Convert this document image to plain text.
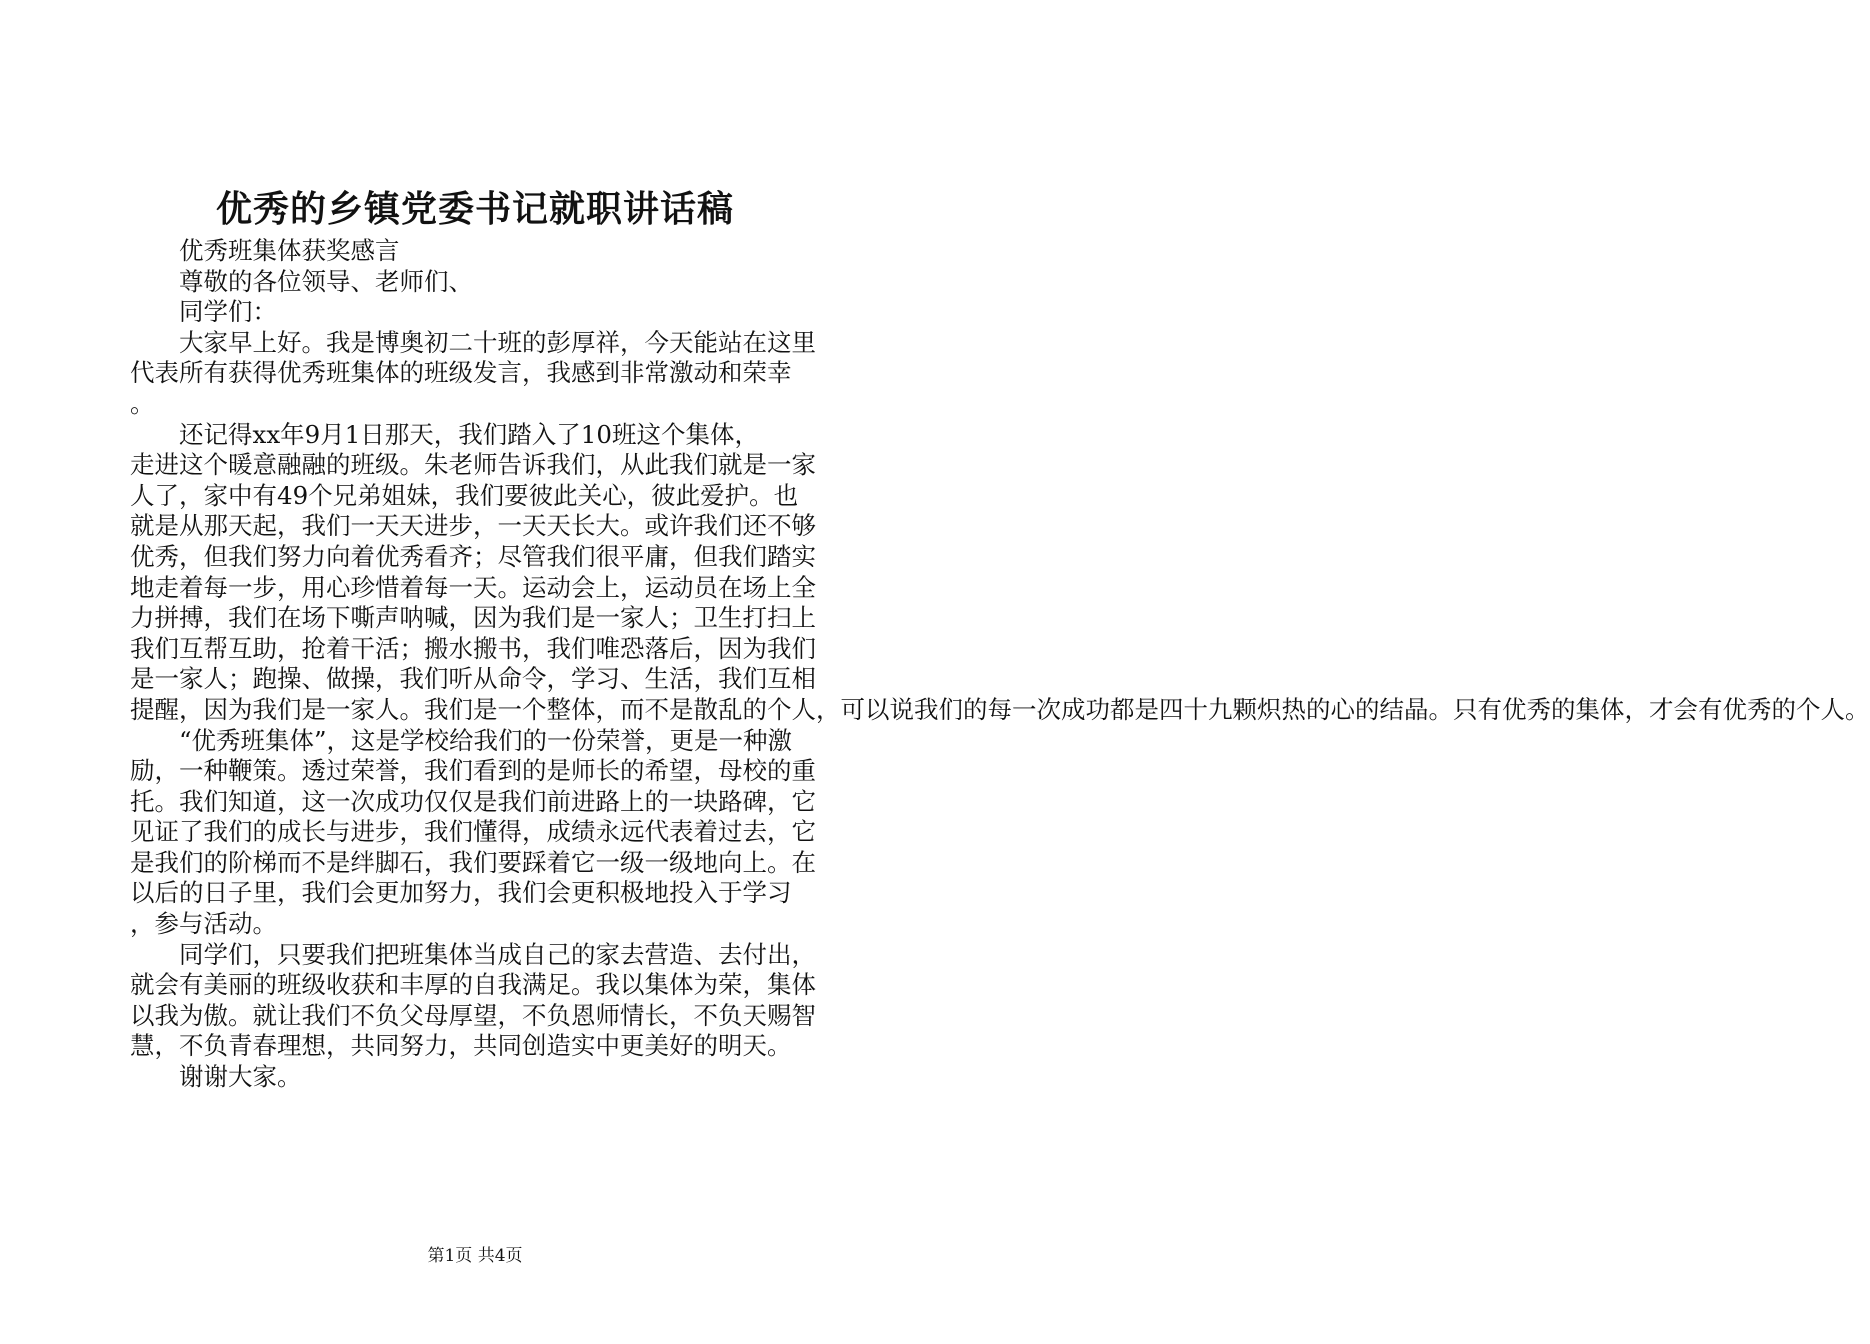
优秀的乡镇党委书记就职讲话稿

优秀班集体获奖感言

尊敬的各位领导、老师们、

同学们：

大家早上好。我是博奥初二十班的彭厚祥，今天能站在这里
代表所有获得优秀班集体的班级发言，我感到非常激动和荣幸
。

还记得xx年9月1日那天，我们踏入了10班这个集体，
走进这个暖意融融的班级。朱老师告诉我们，从此我们就是一家
人了，家中有49个兄弟姐妹，我们要彼此关心，彼此爱护。也
就是从那天起，我们一天天进步，一天天长大。或许我们还不够
优秀，但我们努力向着优秀看齐；尽管我们很平庸，但我们踏实
地走着每一步，用心珍惜着每一天。运动会上，运动员在场上全
力拼搏，我们在场下嘶声呐喊，因为我们是一家人；卫生打扫上
我们互帮互助，抢着干活；搬水搬书，我们唯恐落后，因为我们
是一家人；跑操、做操，我们听从命令，学习、生活，我们互相
提醒，因为我们是一家人。我们是一个整体，而不是散乱的个人，可以说我们的每一次成功都是四十九颗炽热的心的结晶。只有优秀的集体，才会有优秀的个人。

“优秀班集体”，这是学校给我们的一份荣誉，更是一种激
励，一种鞭策。透过荣誉，我们看到的是师长的希望，母校的重
托。我们知道，这一次成功仅仅是我们前进路上的一块路碑，它
见证了我们的成长与进步，我们懂得，成绩永远代表着过去，它
是我们的阶梯而不是绊脚石，我们要踩着它一级一级地向上。在
以后的日子里，我们会更加努力，我们会更积极地投入于学习
，参与活动。

同学们，只要我们把班集体当成自己的家去营造、去付出，
就会有美丽的班级收获和丰厚的自我满足。我以集体为荣，集体
以我为傲。就让我们不负父母厚望，不负恩师情长，不负天赐智
慧，不负青春理想，共同努力，共同创造实中更美好的明天。

谢谢大家。

第1页 共4页
